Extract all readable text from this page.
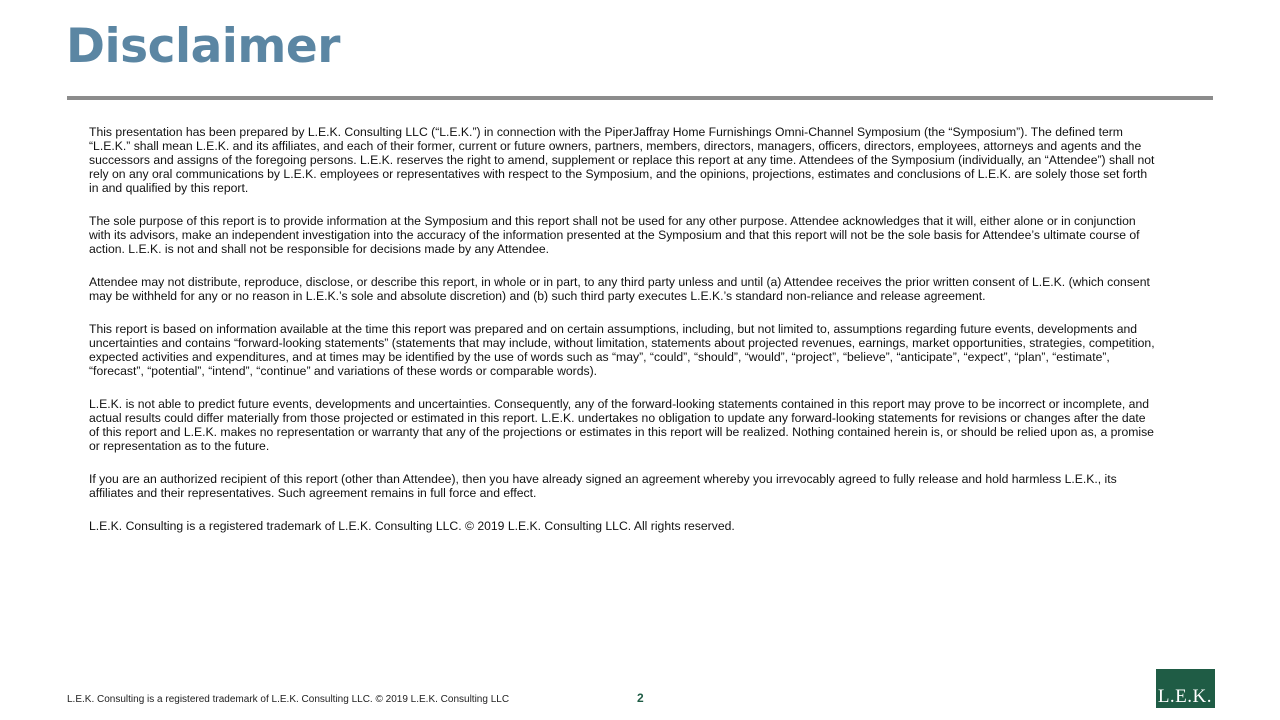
Disclaimer

This presentation has been prepared by L.E.K. Consulting LLC (“L.E.K.”) in connection with the PiperJaffray Home Furnishings Omni-Channel Symposium (the “Symposium”). The defined term “L.E.K.” shall mean L.E.K. and its affiliates, and each of their former, current or future owners, partners, members, directors, managers, officers, directors, employees, attorneys and agents and the successors and assigns of the foregoing persons. L.E.K. reserves the right to amend, supplement or replace this report at any time. Attendees of the Symposium (individually, an “Attendee”) shall not rely on any oral communications by L.E.K. employees or representatives with respect to the Symposium, and the opinions, projections, estimates and conclusions of L.E.K. are solely those set forth in and qualified by this report.

The sole purpose of this report is to provide information at the Symposium and this report shall not be used for any other purpose. Attendee acknowledges that it will, either alone or in conjunction with its advisors, make an independent investigation into the accuracy of the information presented at the Symposium and that this report will not be the sole basis for Attendee’s ultimate course of action. L.E.K. is not and shall not be responsible for decisions made by any Attendee.

Attendee may not distribute, reproduce, disclose, or describe this report, in whole or in part, to any third party unless and until (a) Attendee receives the prior written consent of L.E.K. (which consent may be withheld for any or no reason in L.E.K.’s sole and absolute discretion) and (b) such third party executes L.E.K.’s standard non-reliance and release agreement.

This report is based on information available at the time this report was prepared and on certain assumptions, including, but not limited to, assumptions regarding future events, developments and uncertainties and contains “forward-looking statements” (statements that may include, without limitation, statements about projected revenues, earnings, market opportunities, strategies, competition, expected activities and expenditures, and at times may be identified by the use of words such as “may”, “could”, “should”, “would”, “project”, “believe”, “anticipate”, “expect”, “plan”, “estimate”, “forecast”, “potential”, “intend”, “continue” and variations of these words or comparable words).

L.E.K. is not able to predict future events, developments and uncertainties. Consequently, any of the forward-looking statements contained in this report may prove to be incorrect or incomplete, and actual results could differ materially from those projected or estimated in this report. L.E.K. undertakes no obligation to update any forward-looking statements for revisions or changes after the date of this report and L.E.K. makes no representation or warranty that any of the projections or estimates in this report will be realized. Nothing contained herein is, or should be relied upon as, a promise or representation as to the future.

If you are an authorized recipient of this report (other than Attendee), then you have already signed an agreement whereby you irrevocably agreed to fully release and hold harmless L.E.K., its affiliates and their representatives. Such agreement remains in full force and effect.

L.E.K. Consulting is a registered trademark of L.E.K. Consulting LLC. © 2019 L.E.K. Consulting LLC. All rights reserved.

L.E.K. Consulting is a registered trademark of L.E.K. Consulting LLC. © 2019 L.E.K. Consulting LLC	2	L.E.K.
